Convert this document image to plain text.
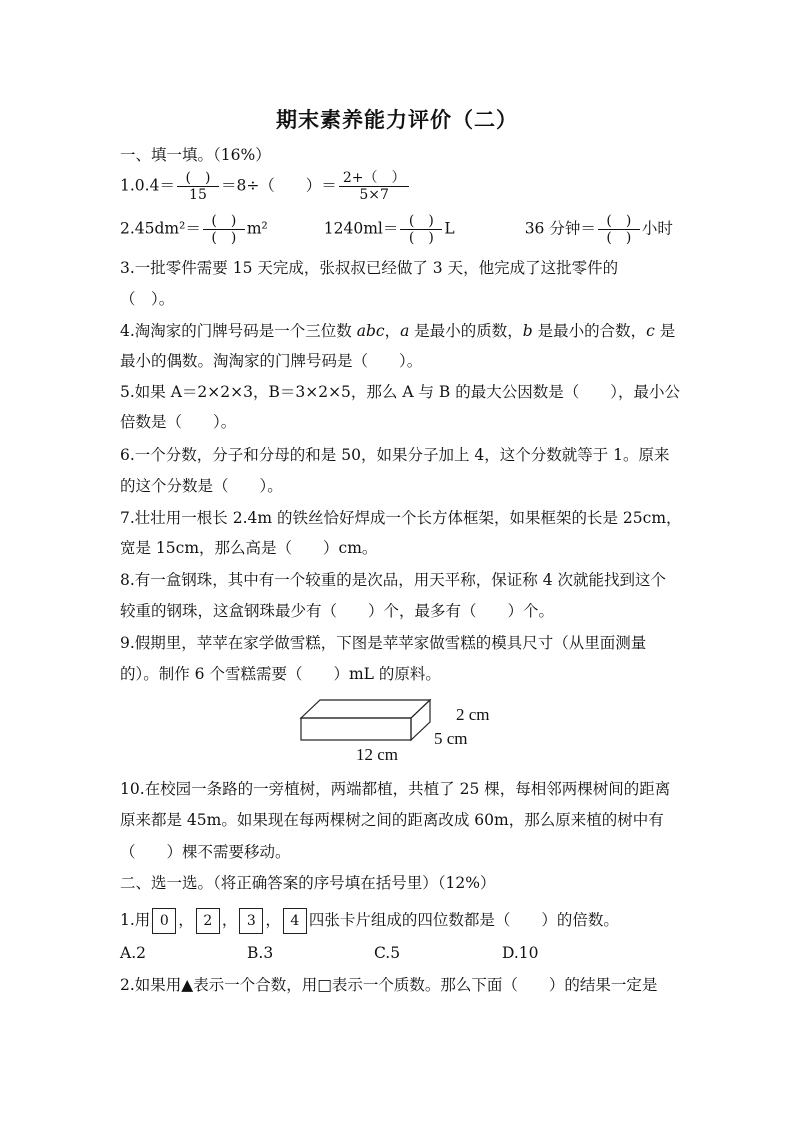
期末素养能力评价（二）
一、填一填。（16%）
$1.0.4= \frac{( )}{15} =8\div$（　　）＝ $\frac{2+( )}{5\times 7}$
$2.45dm^2= \frac{( )}{( )} m^2$	$1240ml= \frac{( )}{( )}$ L	36 分钟＝ $\frac{( )}{( )}$ 小时
3.一批零件需要 15 天完成，张叔叔已经做了 3 天，他完成了这批零件的
（　）。
4.淘淘家的门牌号码是一个三位数 abc，a 是最小的质数，b 是最小的合数，c 是
最小的偶数。淘淘家的门牌号码是（　　）。
5.如果 A＝2×2×3，B＝3×2×5，那么 A 与 B 的最大公因数是（　　），最小公
倍数是（　　）。
6.一个分数，分子和分母的和是 50，如果分子加上 4，这个分数就等于 1。原来
的这个分数是（　　）。
7.壮壮用一根长 2.4m 的铁丝恰好焊成一个长方体框架，如果框架的长是 25cm，
宽是 15cm，那么高是（　　）cm。
8.有一盒钢珠，其中有一个较重的是次品，用天平称，保证称 4 次就能找到这个
较重的钢珠，这盒钢珠最少有（　　）个，最多有（　　）个。
9.假期里，苹苹在家学做雪糕，下图是苹苹家做雪糕的模具尺寸（从里面测量
的）。制作 6 个雪糕需要（　　）mL 的原料。
2 cm
5 cm
12 cm
10.在校园一条路的一旁植树，两端都植，共植了 25 棵，每相邻两棵树间的距离
原来都是 45m。如果现在每两棵树之间的距离改成 60m，那么原来植的树中有
（　　）棵不需要移动。
二、选一选。（将正确答案的序号填在括号里）（12%）
1.用 0 ， 2 ， 3 ， 4 四张卡片组成的四位数都是（　　）的倍数。
A.2	B.3	C.5	D.10
2.如果用▲表示一个合数，用□表示一个质数。那么下面（　　）的结果一定是
